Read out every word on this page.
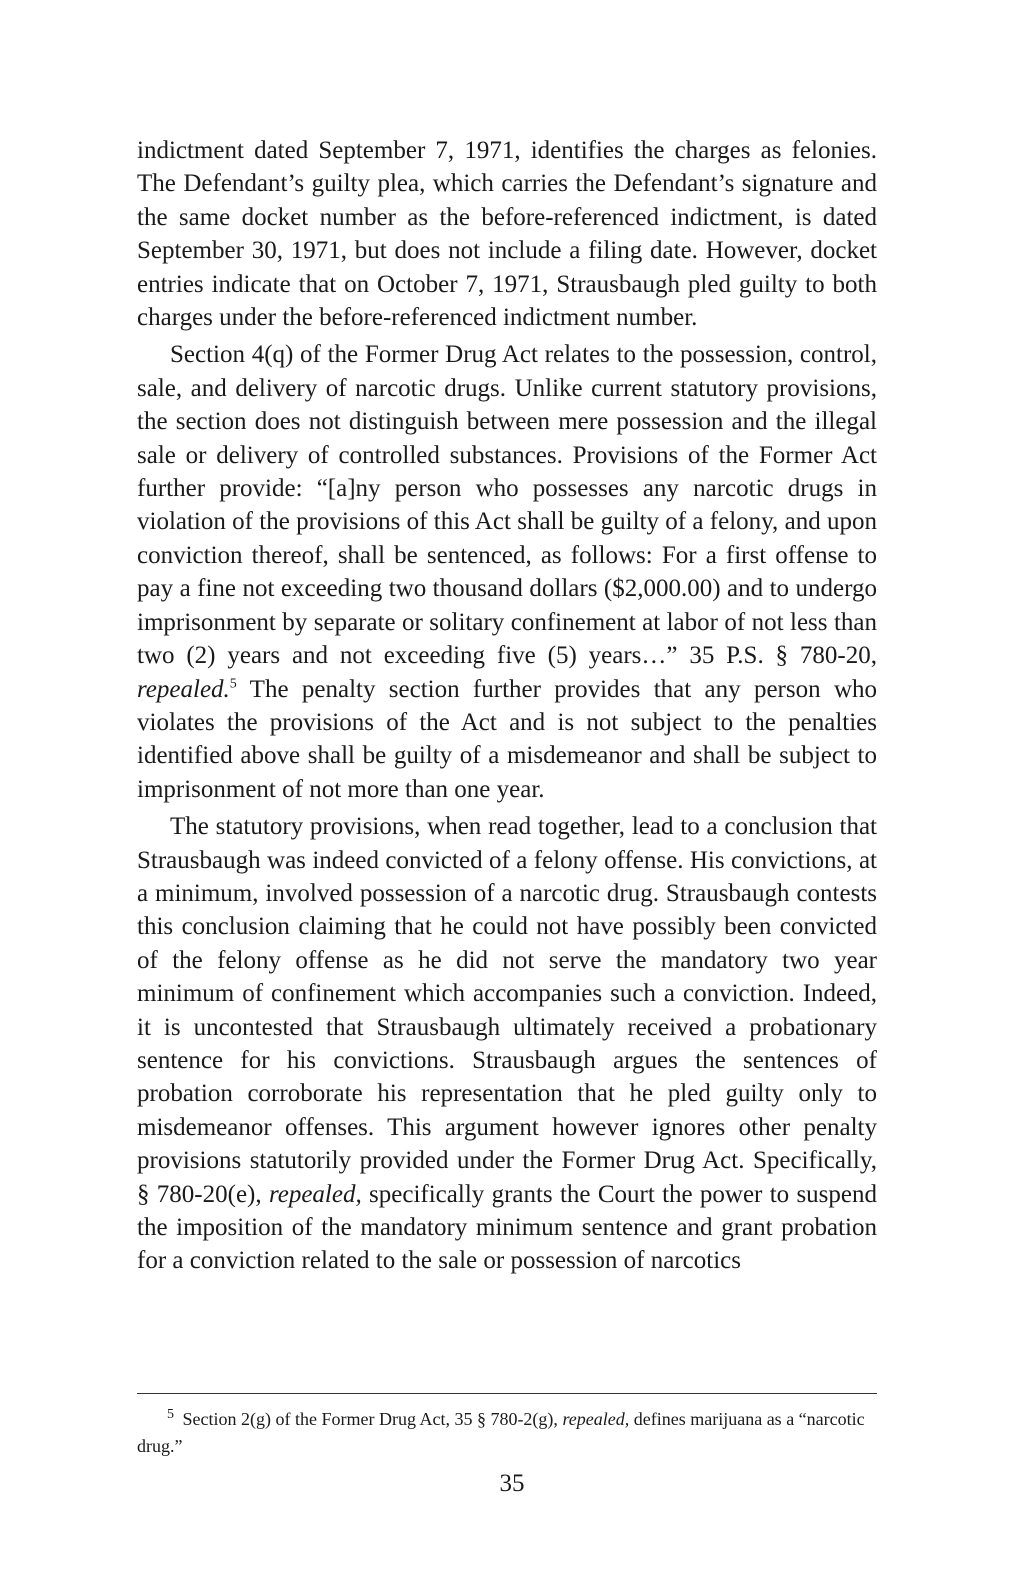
indictment dated September 7, 1971, identifies the charges as felonies. The Defendant’s guilty plea, which carries the Defendant’s signature and the same docket number as the before-referenced indictment, is dated September 30, 1971, but does not include a filing date. However, docket entries indicate that on October 7, 1971, Strausbaugh pled guilty to both charges under the before-referenced indictment number.

Section 4(q) of the Former Drug Act relates to the possession, control, sale, and delivery of narcotic drugs. Unlike current statutory provisions, the section does not distinguish between mere possession and the illegal sale or delivery of controlled substances. Provisions of the Former Act further provide: “[a]ny person who possesses any narcotic drugs in violation of the provisions of this Act shall be guilty of a felony, and upon conviction thereof, shall be sentenced, as follows: For a first offense to pay a fine not exceeding two thousand dollars ($2,000.00) and to undergo imprisonment by separate or solitary confinement at labor of not less than two (2) years and not exceeding five (5) years…” 35 P.S. § 780-20, repealed.$^5$ The penalty section further provides that any person who violates the provisions of the Act and is not subject to the penalties identified above shall be guilty of a misdemeanor and shall be subject to imprisonment of not more than one year.

The statutory provisions, when read together, lead to a conclusion that Strausbaugh was indeed convicted of a felony offense. His convictions, at a minimum, involved possession of a narcotic drug. Strausbaugh contests this conclusion claiming that he could not have possibly been convicted of the felony offense as he did not serve the mandatory two year minimum of confinement which accompanies such a conviction. Indeed, it is uncontested that Strausbaugh ultimately received a probationary sentence for his convictions. Strausbaugh argues the sentences of probation corroborate his representation that he pled guilty only to misdemeanor offenses. This argument however ignores other penalty provisions statutorily provided under the Former Drug Act. Specifically, § 780-20(e), repealed, specifically grants the Court the power to suspend the imposition of the mandatory minimum sentence and grant probation for a conviction related to the sale or possession of narcotics

$^5$ Section 2(g) of the Former Drug Act, 35 § 780-2(g), repealed, defines marijuana as a “narcotic drug.”

35
